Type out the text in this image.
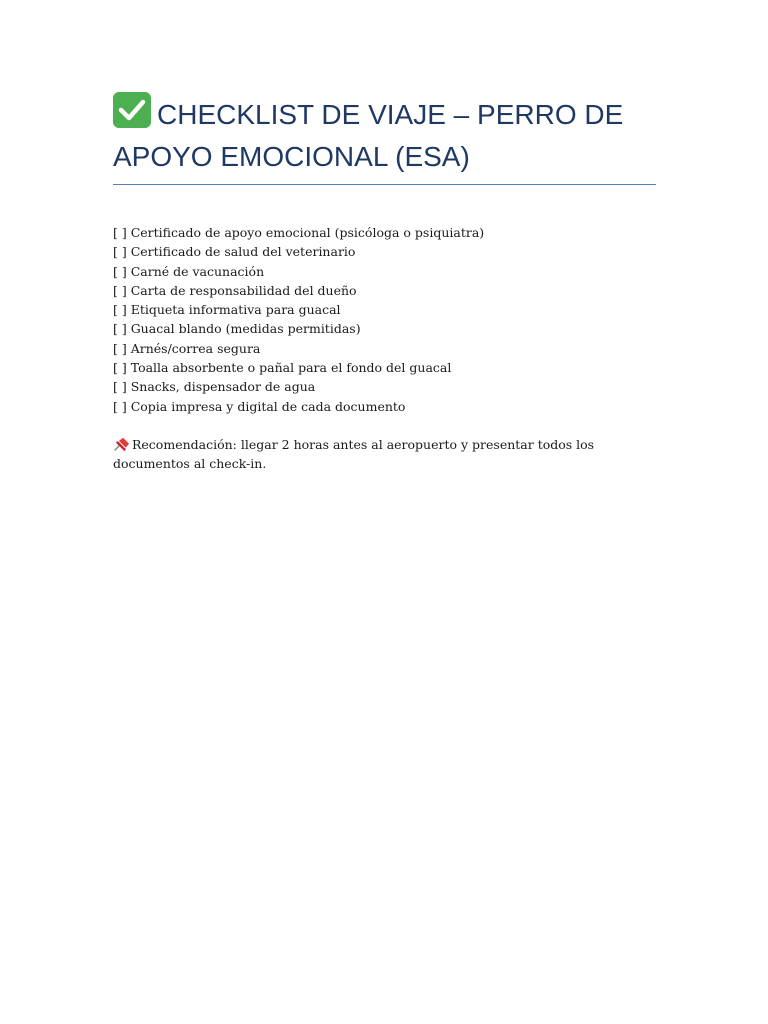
CHECKLIST DE VIAJE – PERRO DE APOYO EMOCIONAL (ESA)
[ ] Certificado de apoyo emocional (psicóloga o psiquiatra)
[ ] Certificado de salud del veterinario
[ ] Carné de vacunación
[ ] Carta de responsabilidad del dueño
[ ] Etiqueta informativa para guacal
[ ] Guacal blando (medidas permitidas)
[ ] Arnés/correa segura
[ ] Toalla absorbente o pañal para el fondo del guacal
[ ] Snacks, dispensador de agua
[ ] Copia impresa y digital de cada documento

Recomendación: llegar 2 horas antes al aeropuerto y presentar todos los documentos al check-in.
